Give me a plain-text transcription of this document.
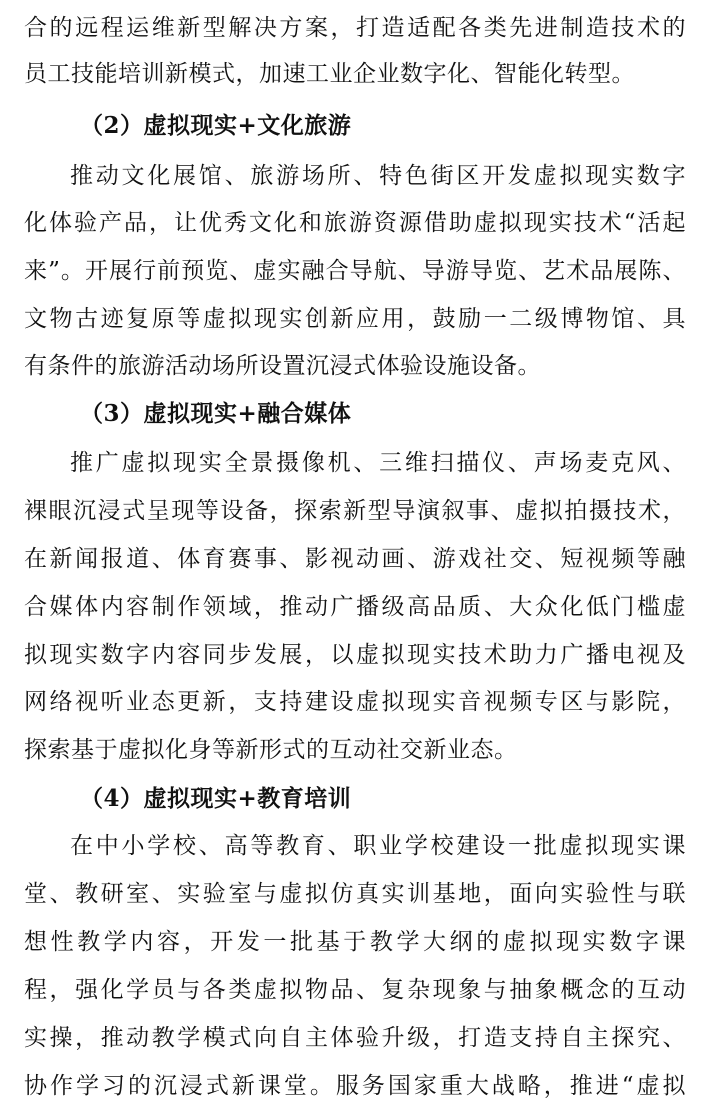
合的远程运维新型解决方案，打造适配各类先进制造技术的
员工技能培训新模式，加速工业企业数字化、智能化转型。
（2）虚拟现实+文化旅游
推动文化展馆、旅游场所、特色街区开发虚拟现实数字
化体验产品，让优秀文化和旅游资源借助虚拟现实技术“活起
来”。开展行前预览、虚实融合导航、导游导览、艺术品展陈、
文物古迹复原等虚拟现实创新应用，鼓励一二级博物馆、具
有条件的旅游活动场所设置沉浸式体验设施设备。
（3）虚拟现实+融合媒体
推广虚拟现实全景摄像机、三维扫描仪、声场麦克风、
裸眼沉浸式呈现等设备，探索新型导演叙事、虚拟拍摄技术，
在新闻报道、体育赛事、影视动画、游戏社交、短视频等融
合媒体内容制作领域，推动广播级高品质、大众化低门槛虚
拟现实数字内容同步发展，以虚拟现实技术助力广播电视及
网络视听业态更新，支持建设虚拟现实音视频专区与影院，
探索基于虚拟化身等新形式的互动社交新业态。
（4）虚拟现实+教育培训
在中小学校、高等教育、职业学校建设一批虚拟现实课
堂、教研室、实验室与虚拟仿真实训基地，面向实验性与联
想性教学内容，开发一批基于教学大纲的虚拟现实数字课
程，强化学员与各类虚拟物品、复杂现象与抽象概念的互动
实操，推动教学模式向自主体验升级，打造支持自主探究、
协作学习的沉浸式新课堂。服务国家重大战略，推进“虚拟
